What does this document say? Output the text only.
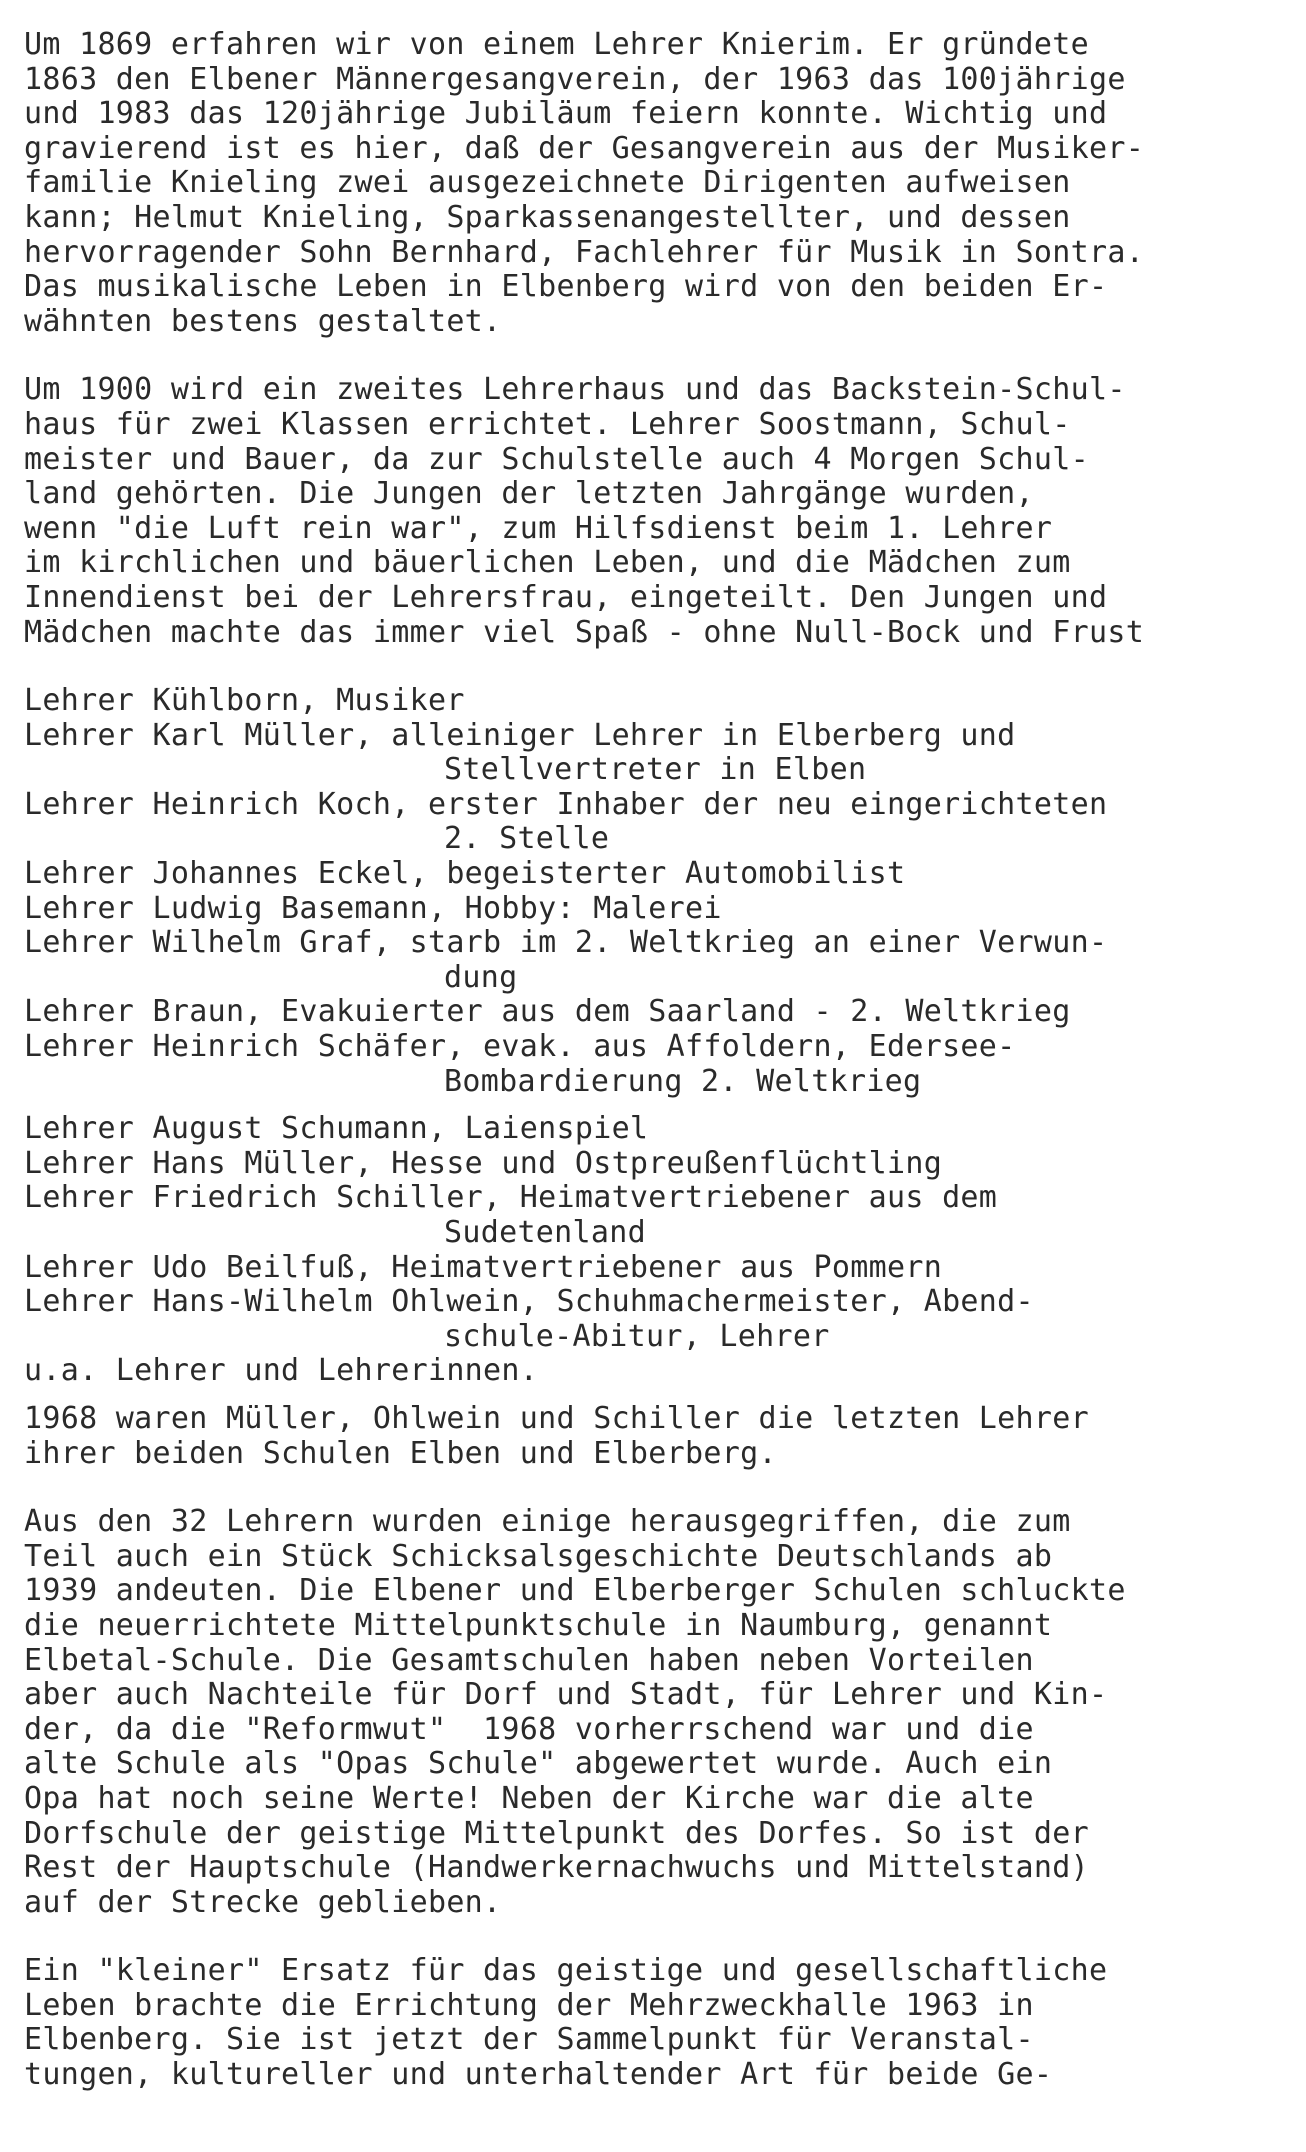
Um 1869 erfahren wir von einem Lehrer Knierim. Er gründete
1863 den Elbener Männergesangverein, der 1963 das 100jährige
und 1983 das 120jährige Jubiläum feiern konnte. Wichtig und
gravierend ist es hier, daß der Gesangverein aus der Musiker-
familie Knieling zwei ausgezeichnete Dirigenten aufweisen
kann; Helmut Knieling, Sparkassenangestellter, und dessen
hervorragender Sohn Bernhard, Fachlehrer für Musik in Sontra.
Das musikalische Leben in Elbenberg wird von den beiden Er-
wähnten bestens gestaltet.
Um 1900 wird ein zweites Lehrerhaus und das Backstein-Schul-
haus für zwei Klassen errichtet. Lehrer Soostmann, Schul-
meister und Bauer, da zur Schulstelle auch 4 Morgen Schul-
land gehörten. Die Jungen der letzten Jahrgänge wurden,
wenn "die Luft rein war", zum Hilfsdienst beim 1. Lehrer
im kirchlichen und bäuerlichen Leben, und die Mädchen zum
Innendienst bei der Lehrersfrau, eingeteilt. Den Jungen und
Mädchen machte das immer viel Spaß - ohne Null-Bock und Frust
Lehrer Kühlborn, Musiker
Lehrer Karl Müller, alleiniger Lehrer in Elberberg und
Stellvertreter in Elben
Lehrer Heinrich Koch, erster Inhaber der neu eingerichteten
2. Stelle
Lehrer Johannes Eckel, begeisterter Automobilist
Lehrer Ludwig Basemann, Hobby: Malerei
Lehrer Wilhelm Graf, starb im 2. Weltkrieg an einer Verwun-
dung
Lehrer Braun, Evakuierter aus dem Saarland - 2. Weltkrieg
Lehrer Heinrich Schäfer, evak. aus Affoldern, Edersee-
Bombardierung 2. Weltkrieg
Lehrer August Schumann, Laienspiel
Lehrer Hans Müller, Hesse und Ostpreußenflüchtling
Lehrer Friedrich Schiller, Heimatvertriebener aus dem
Sudetenland
Lehrer Udo Beilfuß, Heimatvertriebener aus Pommern
Lehrer Hans-Wilhelm Ohlwein, Schuhmachermeister, Abend-
schule-Abitur, Lehrer
u.a. Lehrer und Lehrerinnen.
1968 waren Müller, Ohlwein und Schiller die letzten Lehrer
ihrer beiden Schulen Elben und Elberberg.
Aus den 32 Lehrern wurden einige herausgegriffen, die zum
Teil auch ein Stück Schicksalsgeschichte Deutschlands ab
1939 andeuten. Die Elbener und Elberberger Schulen schluckte
die neuerrichtete Mittelpunktschule in Naumburg, genannt
Elbetal-Schule. Die Gesamtschulen haben neben Vorteilen
aber auch Nachteile für Dorf und Stadt, für Lehrer und Kin-
der, da die "Reformwut"  1968 vorherrschend war und die
alte Schule als "Opas Schule" abgewertet wurde. Auch ein
Opa hat noch seine Werte! Neben der Kirche war die alte
Dorfschule der geistige Mittelpunkt des Dorfes. So ist der
Rest der Hauptschule (Handwerkernachwuchs und Mittelstand)
auf der Strecke geblieben.
Ein "kleiner" Ersatz für das geistige und gesellschaftliche
Leben brachte die Errichtung der Mehrzweckhalle 1963 in
Elbenberg. Sie ist jetzt der Sammelpunkt für Veranstal-
tungen, kultureller und unterhaltender Art für beide Ge-
